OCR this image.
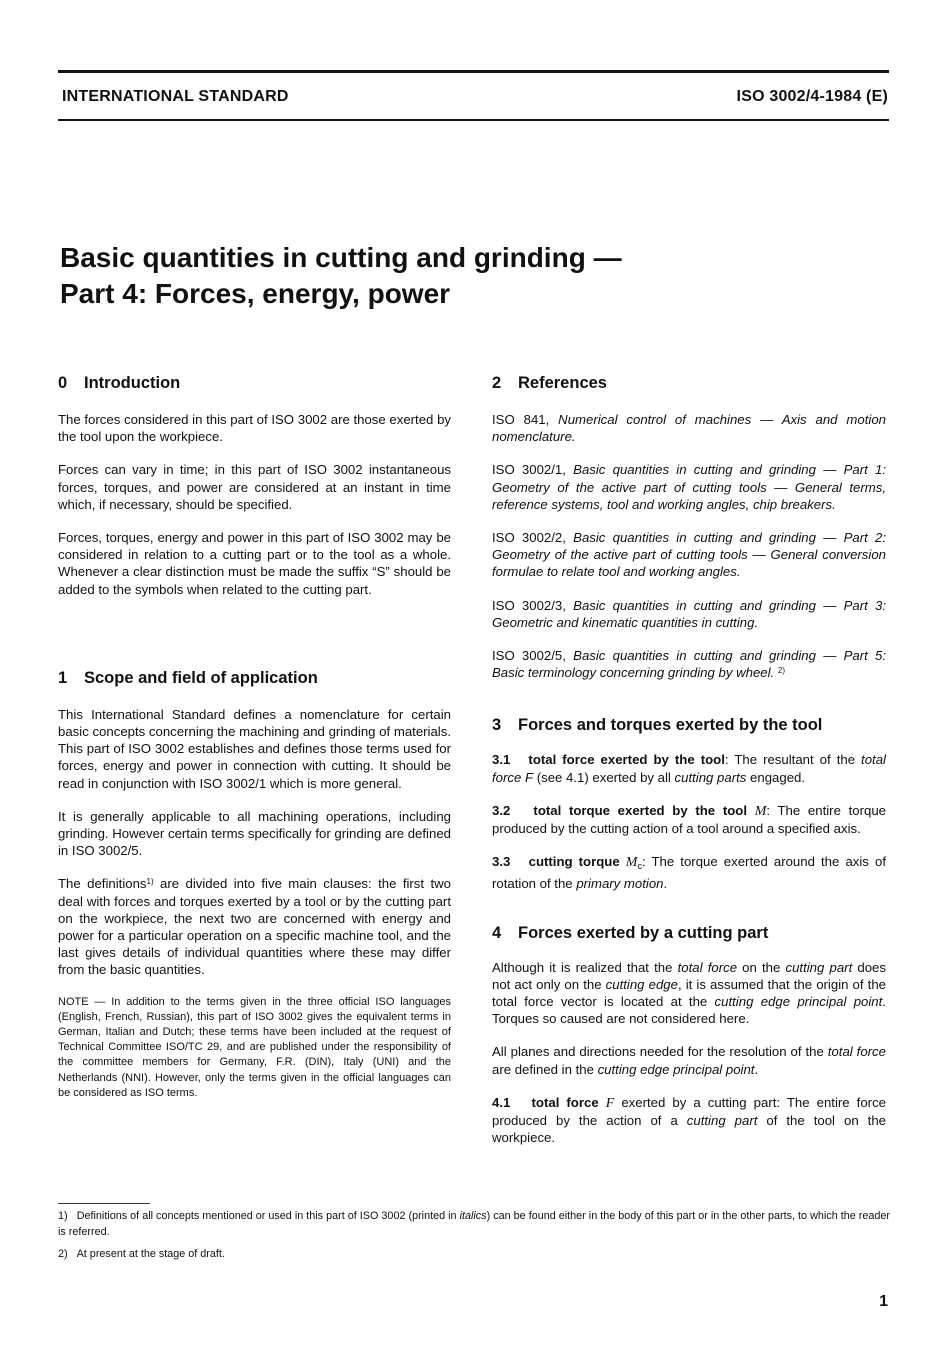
INTERNATIONAL STANDARD	ISO 3002/4-1984 (E)
Basic quantities in cutting and grinding —
Part 4: Forces, energy, power
0 Introduction

The forces considered in this part of ISO 3002 are those exerted by the tool upon the workpiece.

Forces can vary in time; in this part of ISO 3002 instantaneous forces, torques, and power are considered at an instant in time which, if necessary, should be specified.

Forces, torques, energy and power in this part of ISO 3002 may be considered in relation to a cutting part or to the tool as a whole. Whenever a clear distinction must be made the suffix “S” should be added to the symbols when related to the cutting part.

1 Scope and field of application

This International Standard defines a nomenclature for certain basic concepts concerning the machining and grinding of materials. This part of ISO 3002 establishes and defines those terms used for forces, energy and power in connection with cutting. It should be read in conjunction with ISO 3002/1 which is more general.

It is generally applicable to all machining operations, including grinding. However certain terms specifically for grinding are defined in ISO 3002/5.

The definitions$^{1)}$ are divided into five main clauses: the first two deal with forces and torques exerted by a tool or by the cutting part on the workpiece, the next two are concerned with energy and power for a particular operation on a specific machine tool, and the last gives details of individual quantities where these may differ from the basic quantities.

NOTE — In addition to the terms given in the three official ISO languages (English, French, Russian), this part of ISO 3002 gives the equivalent terms in German, Italian and Dutch; these terms have been included at the request of Technical Committee ISO/TC 29, and are published under the responsibility of the committee members for Germany, F.R. (DIN), Italy (UNI) and the Netherlands (NNI). However, only the terms given in the official languages can be considered as ISO terms.

2 References

ISO 841, Numerical control of machines — Axis and motion nomenclature.

ISO 3002/1, Basic quantities in cutting and grinding — Part 1: Geometry of the active part of cutting tools — General terms, reference systems, tool and working angles, chip breakers.

ISO 3002/2, Basic quantities in cutting and grinding — Part 2: Geometry of the active part of cutting tools — General conversion formulae to relate tool and working angles.

ISO 3002/3, Basic quantities in cutting and grinding — Part 3: Geometric and kinematic quantities in cutting.

ISO 3002/5, Basic quantities in cutting and grinding — Part 5: Basic terminology concerning grinding by wheel. $^{2)}$

3 Forces and torques exerted by the tool

3.1 total force exerted by the tool: The resultant of the total force F (see 4.1) exerted by all cutting parts engaged.

3.2 total torque exerted by the tool M: The entire torque produced by the cutting action of a tool around a specified axis.

3.3 cutting torque $M_c$: The torque exerted around the axis of rotation of the primary motion.

4 Forces exerted by a cutting part

Although it is realized that the total force on the cutting part does not act only on the cutting edge, it is assumed that the origin of the total force vector is located at the cutting edge principal point. Torques so caused are not considered here.

All planes and directions needed for the resolution of the total force are defined in the cutting edge principal point.

4.1 total force F exerted by a cutting part: The entire force produced by the action of a cutting part of the tool on the workpiece.

1) Definitions of all concepts mentioned or used in this part of ISO 3002 (printed in italics) can be found either in the body of this part or in the other parts, to which the reader is referred.
2) At present at the stage of draft.
1
